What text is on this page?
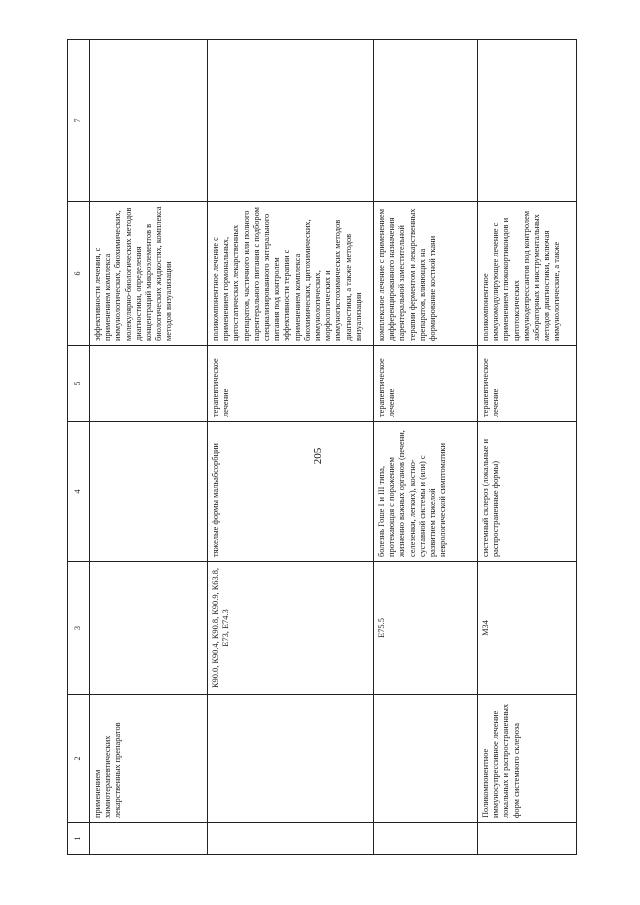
205
1	2	3	4	5	6	7
	применением химиотерапевтических лекарственных препаратов				эффективности лечения, с применением комплекса иммунологических, биохимических, молекулярно-биологических методов диагностики, определения концентраций микроэлементов в биологических жидкостях, комплекса методов визуализации	
		К90.0, К90.4, К90.8, К90.9, К63.8, Е73, Е74.3	тяжелые формы мальабсорбции	терапевтическое лечение	поликомпонентное лечение с применением гормональных, цитостатических лекарственных препаратов, частичного или полного парентерального питания с подбором специализированного энтерального питания под контролем эффективности терапии с применением комплекса биохимических, цитохимических, иммунологических, морфологических и иммуногистохимических методов диагностики, а также методов визуализации	
		Е75.5	болезнь Гоше I и III типа, протекающая с поражением жизненно важных органов (печени, селезенки, легких), костно-суставной системы и (или) с развитием тяжелой неврологической симптоматики	терапевтическое лечение	комплексное лечение с применением дифференцированного назначения парентеральной заместительной терапии ферментом и лекарственных препаратов, влияющих на формирование костной ткани	
	Поликомпонентное иммуносупрессивное лечение локальных и распространенных форм системного склероза	М34	системный склероз (локальные и распространенные формы)	терапевтическое лечение	поликомпонентное иммуномодулирующее лечение с применением глюкокортикоидов и цитотоксических иммунодепрессантов под контролем лабораторных и инструментальных методов диагностики, включая иммунологические, а также	
